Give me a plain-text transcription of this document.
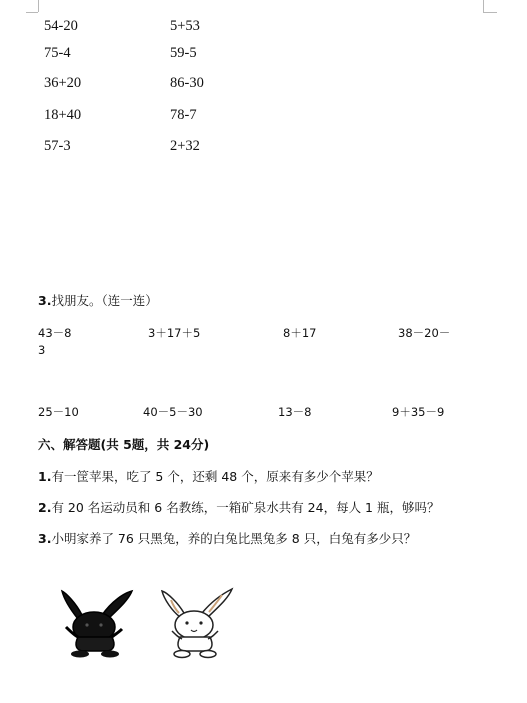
54-20	5+53
75-4	59-5
36+20	86-30
18+40	78-7
57-3	2+32
3.找朋友。（连一连）
43－8	3＋17＋5	8＋17	38－20－
3
25－10	40－5－30	13－8	9＋35－9
六、解答题(共 5题，共 24分)
1.有一筐苹果，吃了 5 个，还剩 48 个，原来有多少个苹果？
2.有 20 名运动员和 6 名教练，一箱矿泉水共有 24，每人 1 瓶，够吗？
3.小明家养了 76 只黑兔，养的白兔比黑兔多 8 只，白兔有多少只？
